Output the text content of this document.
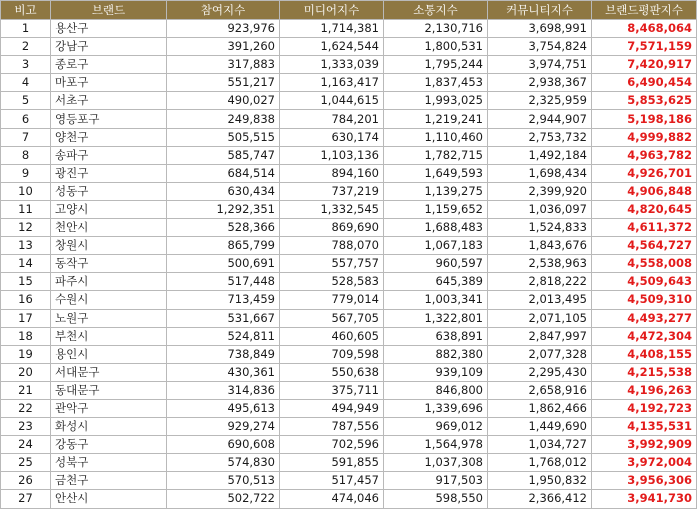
비고	브랜드	참여지수	미디어지수	소통지수	커뮤니티지수	브랜드평판지수
1	용산구	923,976	1,714,381	2,130,716	3,698,991	8,468,064
2	강남구	391,260	1,624,544	1,800,531	3,754,824	7,571,159
3	종로구	317,883	1,333,039	1,795,244	3,974,751	7,420,917
4	마포구	551,217	1,163,417	1,837,453	2,938,367	6,490,454
5	서초구	490,027	1,044,615	1,993,025	2,325,959	5,853,625
6	영등포구	249,838	784,201	1,219,241	2,944,907	5,198,186
7	양천구	505,515	630,174	1,110,460	2,753,732	4,999,882
8	송파구	585,747	1,103,136	1,782,715	1,492,184	4,963,782
9	광진구	684,514	894,160	1,649,593	1,698,434	4,926,701
10	성동구	630,434	737,219	1,139,275	2,399,920	4,906,848
11	고양시	1,292,351	1,332,545	1,159,652	1,036,097	4,820,645
12	천안시	528,366	869,690	1,688,483	1,524,833	4,611,372
13	창원시	865,799	788,070	1,067,183	1,843,676	4,564,727
14	동작구	500,691	557,757	960,597	2,538,963	4,558,008
15	파주시	517,448	528,583	645,389	2,818,222	4,509,643
16	수원시	713,459	779,014	1,003,341	2,013,495	4,509,310
17	노원구	531,667	567,705	1,322,801	2,071,105	4,493,277
18	부천시	524,811	460,605	638,891	2,847,997	4,472,304
19	용인시	738,849	709,598	882,380	2,077,328	4,408,155
20	서대문구	430,361	550,638	939,109	2,295,430	4,215,538
21	동대문구	314,836	375,711	846,800	2,658,916	4,196,263
22	관악구	495,613	494,949	1,339,696	1,862,466	4,192,723
23	화성시	929,274	787,556	969,012	1,449,690	4,135,531
24	강동구	690,608	702,596	1,564,978	1,034,727	3,992,909
25	성북구	574,830	591,855	1,037,308	1,768,012	3,972,004
26	금천구	570,513	517,457	917,503	1,950,832	3,956,306
27	안산시	502,722	474,046	598,550	2,366,412	3,941,730
